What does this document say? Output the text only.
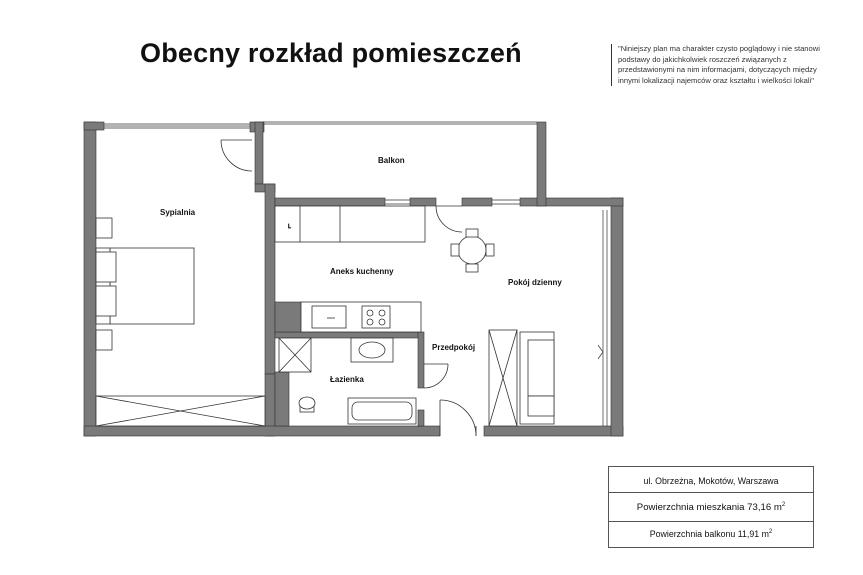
Obecny rozkład pomieszczeń	"Niniejszy plan ma charakter czysto poglądowy i nie stanowi podstawy do jakichkolwiek roszczeń związanych z przedstawionymi na nim informacjami, dotyczących między innymi lokalizacji najemców oraz kształtu i wielkości lokali"
L
Balkon
Sypialnia
Aneks kuchenny
Pokój dzienny
Przedpokój
Łazienka
ul. Obrzeżna, Mokotów, Warszawa
Powierzchnia mieszkania 73,16 $m^2$
Powierzchnia balkonu 11,91 $m^2$
